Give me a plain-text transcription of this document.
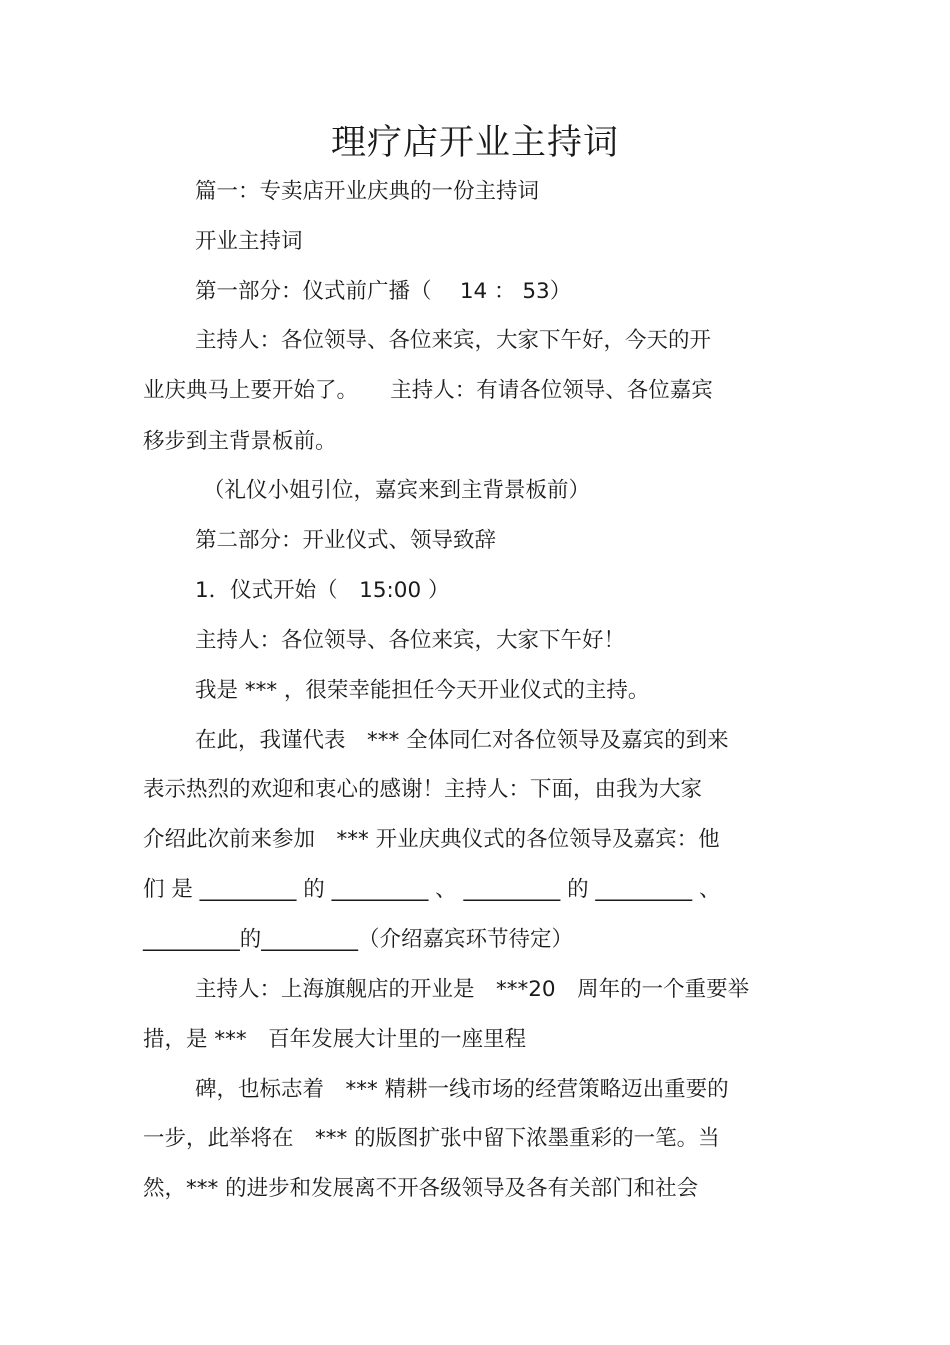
理疗店开业主持词

篇一：专卖店开业庆典的一份主持词

开业主持词

第一部分：仪式前广播（　 14 ： 53）

主持人：各位领导、各位来宾，大家下午好，今天的开

业庆典马上要开始了。　　主持人：有请各位领导、各位嘉宾

移步到主背景板前。

（礼仪小姐引位，嘉宾来到主背景板前）

第二部分：开业仪式、领导致辞

1．仪式开始（　15:00 ）

主持人：各位领导、各位来宾，大家下午好！

我是 *** ，很荣幸能担任今天开业仪式的主持。

在此，我谨代表　*** 全体同仁对各位领导及嘉宾的到来

表示热烈的欢迎和衷心的感谢！主持人：下面，由我为大家

介绍此次前来参加　*** 开业庆典仪式的各位领导及嘉宾：他

们 是 _________ 的 _________ 、 _________ 的 _________ 、

_________的_________（介绍嘉宾环节待定）

主持人：上海旗舰店的开业是　***20　周年的一个重要举

措，是 ***　百年发展大计里的一座里程

碑，也标志着　*** 精耕一线市场的经营策略迈出重要的

一步，此举将在　*** 的版图扩张中留下浓墨重彩的一笔。当

然，*** 的进步和发展离不开各级领导及各有关部门和社会
